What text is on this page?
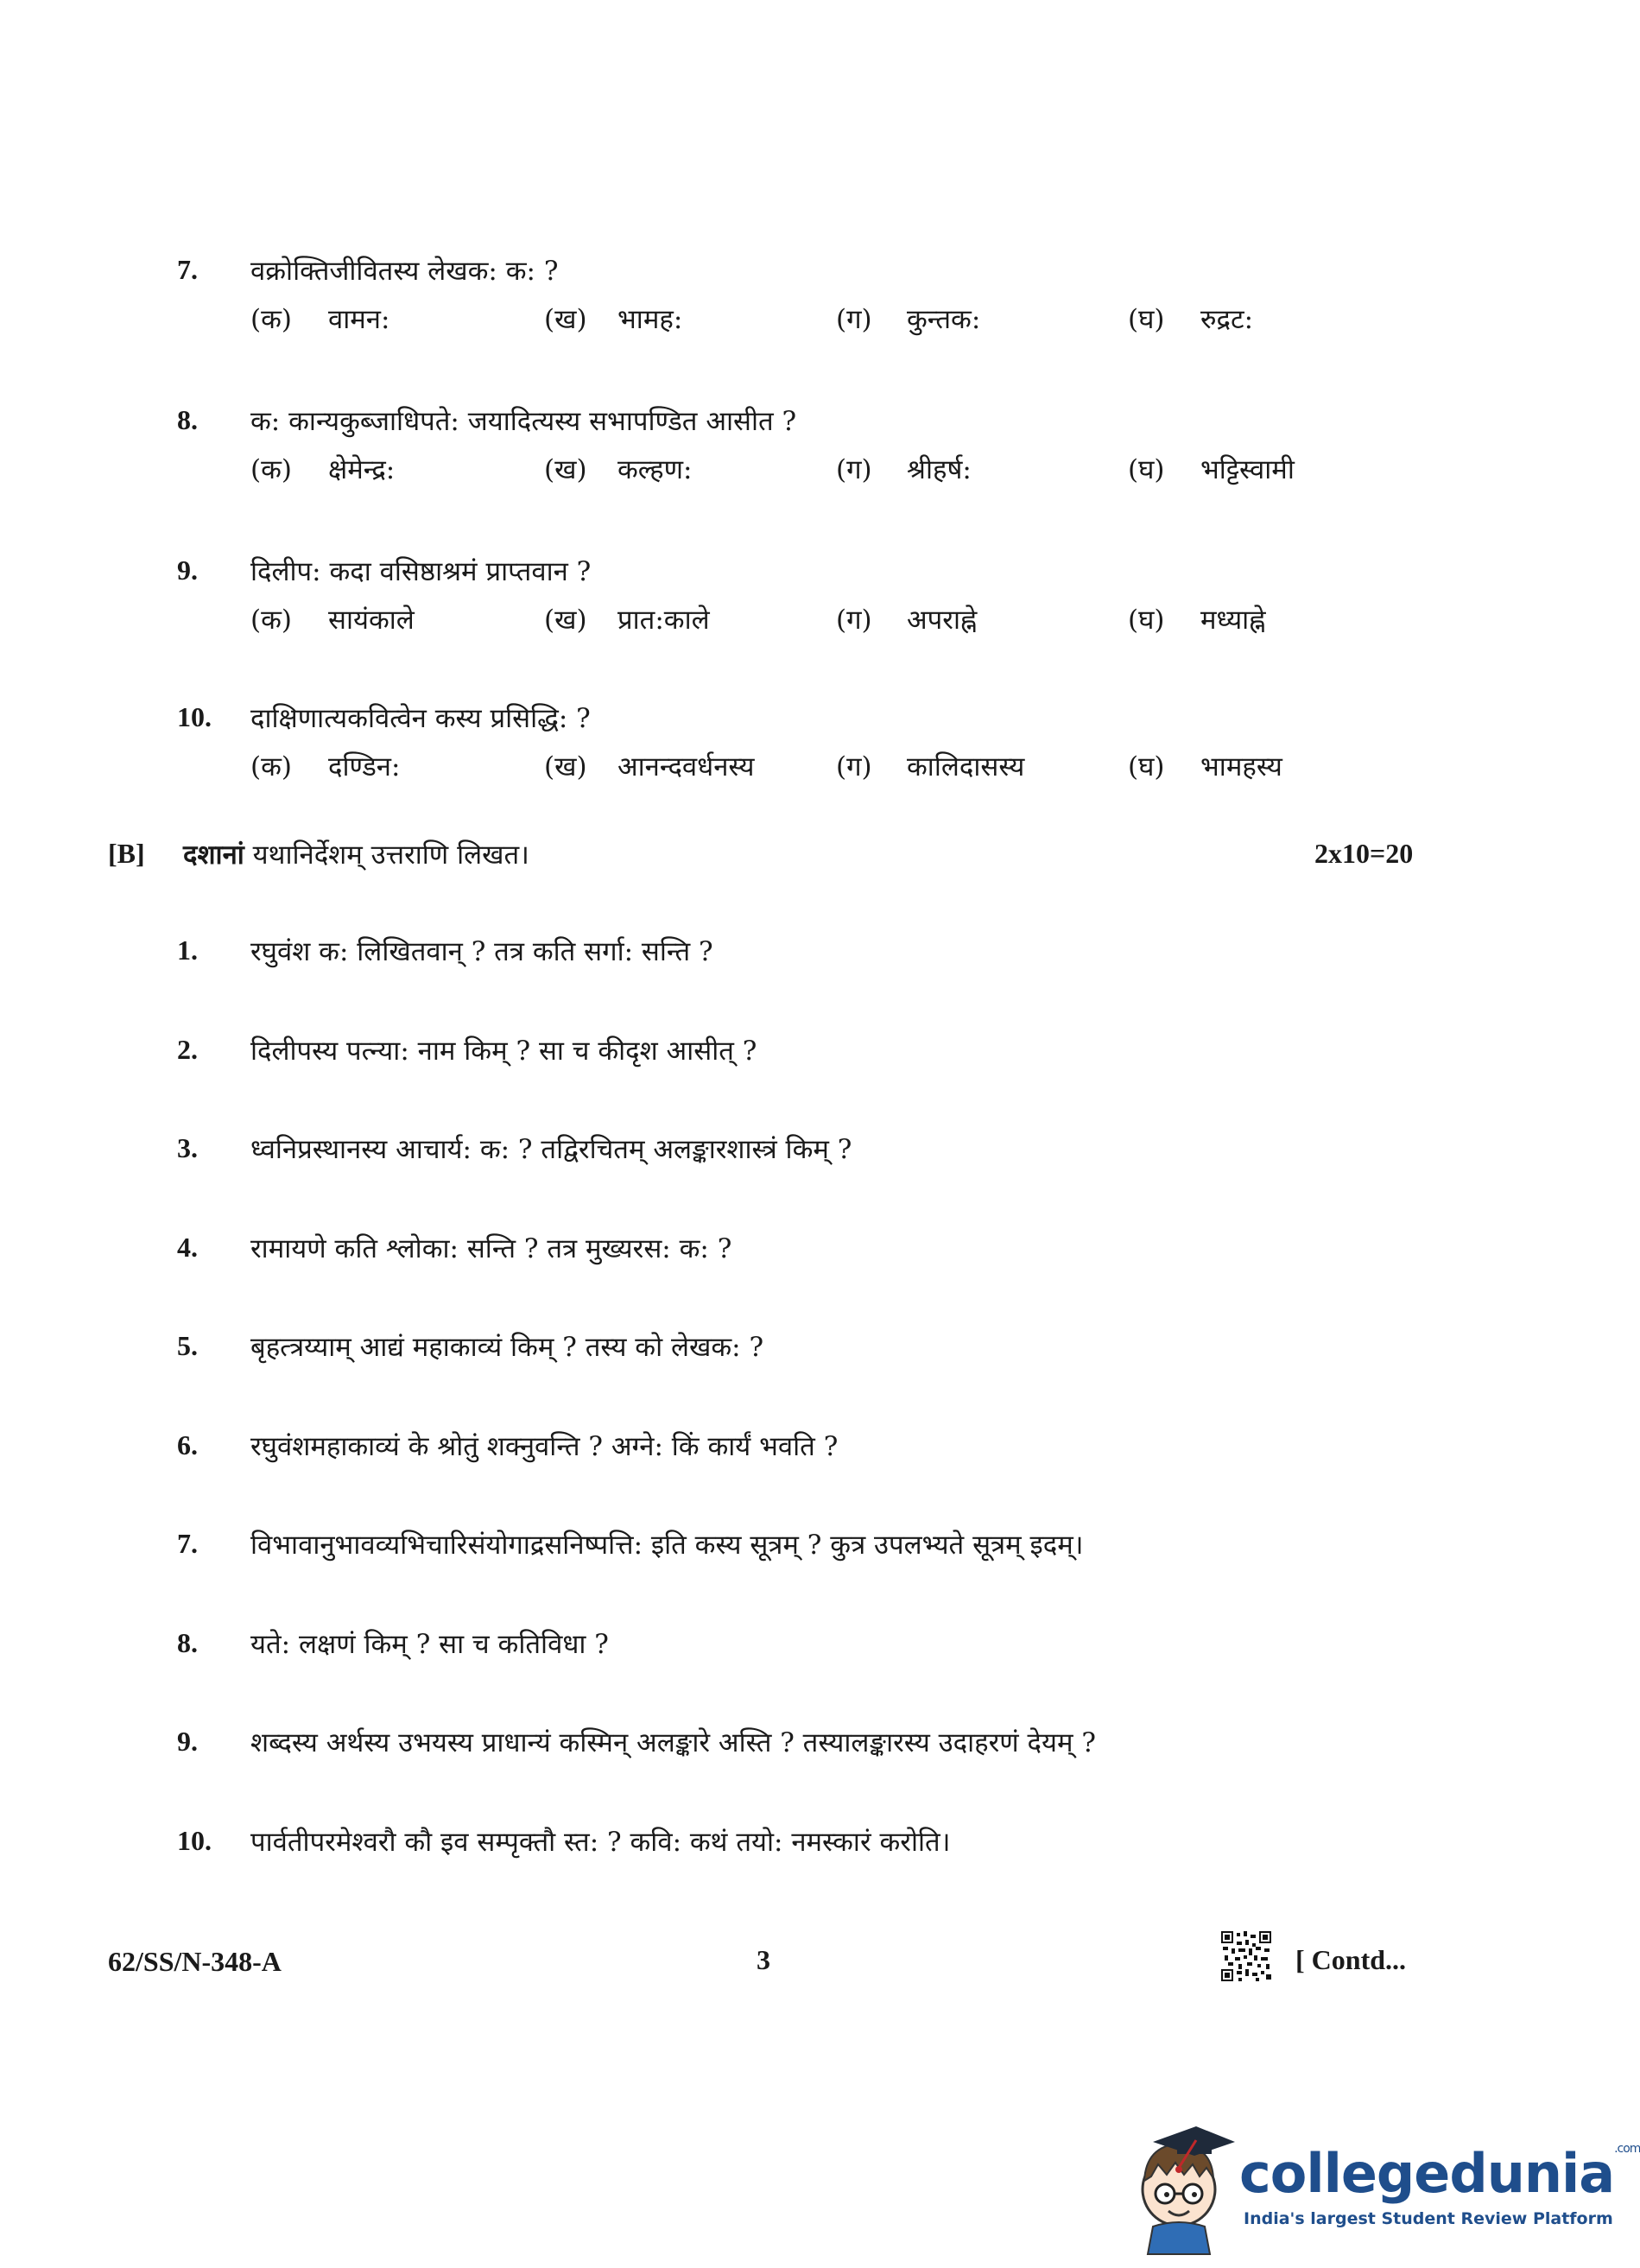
7. वक्रोक्तिजीवितस्य लेखक: क: ?
(क) वामन:	(ख) भामह:	(ग) कुन्तक:	(घ) रुद्रट:
8. क: कान्यकुब्जाधिपते: जयादित्यस्य सभापण्डित आसीत ?
(क) क्षेमेन्द्र:	(ख) कल्हण:	(ग) श्रीहर्ष:	(घ) भट्टिस्वामी
9. दिलीप: कदा वसिष्ठाश्रमं प्राप्तवान ?
(क) सायंकाले	(ख) प्रात:काले	(ग) अपराह्ने	(घ) मध्याह्ने
10. दाक्षिणात्यकवित्वेन कस्य प्रसिद्धि: ?
(क) दण्डिन:	(ख) आनन्दवर्धनस्य	(ग) कालिदासस्य	(घ) भामहस्य
[B] दशानां यथानिर्देशम् उत्तराणि लिखत।	2x10=20
1. रघुवंश क: लिखितवान् ? तत्र कति सर्गा: सन्ति ?
2. दिलीपस्य पत्न्या: नाम किम् ? सा च कीदृश आसीत् ?
3. ध्वनिप्रस्थानस्य आचार्य: क: ? तद्विरचितम् अलङ्कारशास्त्रं किम् ?
4. रामायणे कति श्लोका: सन्ति ? तत्र मुख्यरस: क: ?
5. बृहत्त्रय्याम् आद्यं महाकाव्यं किम् ? तस्य को लेखक: ?
6. रघुवंशमहाकाव्यं के श्रोतुं शक्नुवन्ति ? अग्ने: किं कार्यं भवति ?
7. विभावानुभावव्यभिचारिसंयोगाद्रसनिष्पत्ति: इति कस्य सूत्रम् ? कुत्र उपलभ्यते सूत्रम् इदम्।
8. यते: लक्षणं किम् ? सा च कतिविधा ?
9. शब्दस्य अर्थस्य उभयस्य प्राधान्यं कस्मिन् अलङ्कारे अस्ति ? तस्यालङ्कारस्य उदाहरणं देयम् ?
10. पार्वतीपरमेश्वरौ कौ इव सम्पृक्तौ स्त: ? कवि: कथं तयो: नमस्कारं करोति।
62/SS/N-348-A	3	[ Contd...
collegedunia$^{.com}$
India's largest Student Review Platform
